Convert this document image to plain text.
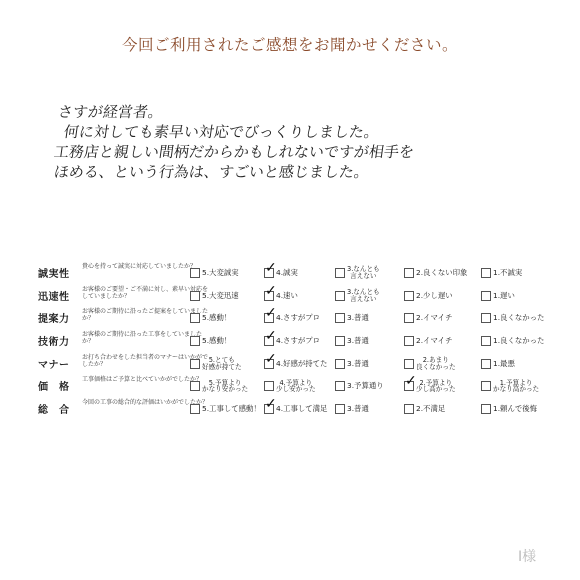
今回ご利用されたご感想をお聞かせください。
さすが経営者。
何に対しても素早い対応でびっくりしました。
工務店と親しい間柄だからかもしれないですが相手を
ほめる、という行為は、すごいと感じました。
誠実性
貴心を持って誠実に対応していましたか？
5.大変誠実 ✓ 4.誠実	3.なんとも
言えない	2.良くない印象	1.不誠実
迅速性
お客様のご要望・ご不満に対し、素早い対応をしていましたか？	5.大変迅速 ✓ 4.速い	3.なんとも
言えない	2.少し遅い	1.遅い
提案力
お客様のご期待に沿ったご提案をしていましたか？	5.感動！ ✓ 4.さすがプロ	3.普通	2.イマイチ	1.良くなかった
技術力
お客様のご期待に沿った工事をしていましたか？	5.感動！ ✓ 4.さすがプロ	3.普通	2.イマイチ	1.良くなかった
マナー
お打ち合わせをした担当者のマナーはいかがでしたか？
5.とても
好感が持てた ✓ 4.好感が持てた	3.普通	2.あまり
良くなかった	1.最悪
価　格
工事価格はご予算と比べていかがでしたか？	5.予算より
かなり安かった
4.予算より
少し安かった	3.予算通り ✓ 2.予算より
少し高かった
1.予算より
かなり高かった
総　合
今回の工事の総合的な評価はいかがでしたか？
5.工事して感動！ ✓ 4.工事して満足	3.普通	2.不満足	1.頼んで後悔
I様
